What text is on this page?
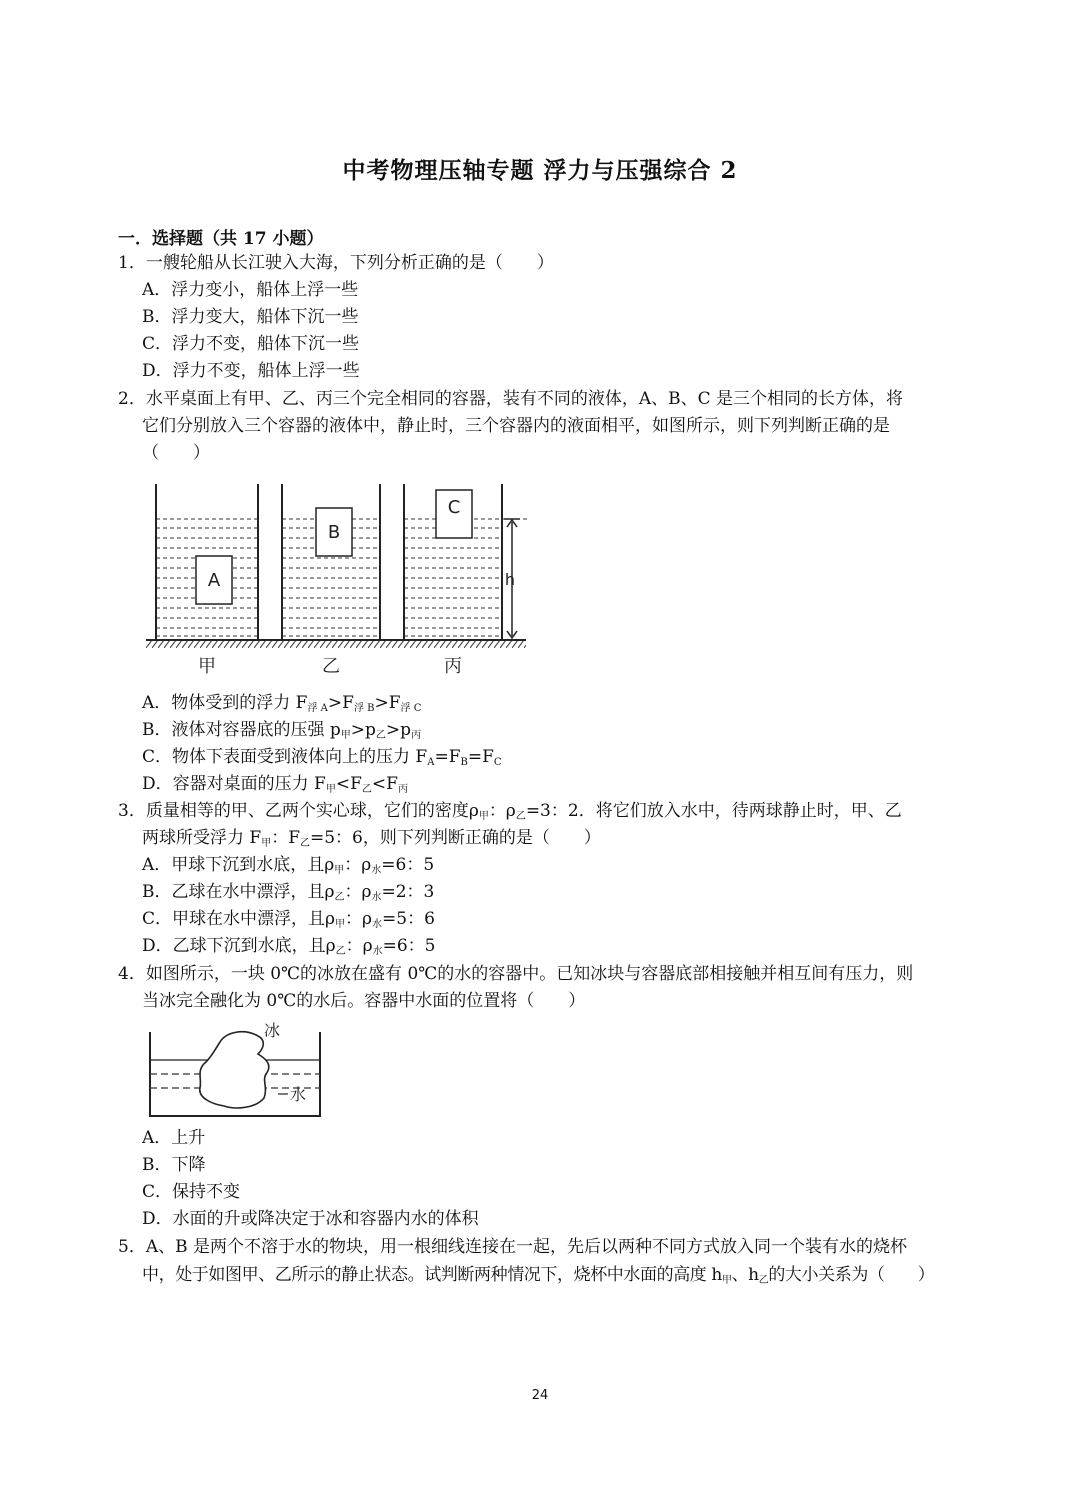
中考物理压轴专题 浮力与压强综合 2
一．选择题（共 17 小题）
1．一艘轮船从长江驶入大海，下列分析正确的是（　　）
A．浮力变小，船体上浮一些
B．浮力变大，船体下沉一些
C．浮力不变，船体下沉一些
D．浮力不变，船体上浮一些
2．水平桌面上有甲、乙、丙三个完全相同的容器，装有不同的液体，A、B、C 是三个相同的长方体，将
它们分别放入三个容器的液体中，静止时，三个容器内的液面相平，如图所示，则下列判断正确的是
（　　）
A
B
C
h
甲	乙	丙
A．物体受到的浮力 $F_{浮 A}>F_{浮 B}>F_{浮 C}$
B．液体对容器底的压强 $p_甲>p_乙>p_丙$
C．物体下表面受到液体向上的压力 $F_A=F_B=F_C$
D．容器对桌面的压力 $F_甲<F_乙<F_丙$
3．质量相等的甲、乙两个实心球，它们的密度$\rho_甲$：$\rho_乙=3$：2．将它们放入水中，待两球静止时，甲、乙
两球所受浮力 $F_甲$：$F_乙=5$：6，则下列判断正确的是（　　）
A．甲球下沉到水底，且$\rho_甲$：$\rho_水=6$：5
B．乙球在水中漂浮，且$\rho_乙$：$\rho_水=2$：3
C．甲球在水中漂浮，且$\rho_甲$：$\rho_水=5$：6
D．乙球下沉到水底，且$\rho_乙$：$\rho_水=6$：5
4．如图所示，一块 0℃的冰放在盛有 0℃的水的容器中。已知冰块与容器底部相接触并相互间有压力，则
当冰完全融化为 0℃的水后。容器中水面的位置将（　　）
冰
水
A．上升
B．下降
C．保持不变
D．水面的升或降决定于冰和容器内水的体积
5．A、B 是两个不溶于水的物块，用一根细线连接在一起，先后以两种不同方式放入同一个装有水的烧杯
中，处于如图甲、乙所示的静止状态。试判断两种情况下，烧杯中水面的高度 $h_甲$、$h_乙$的大小关系为（　　）
24
